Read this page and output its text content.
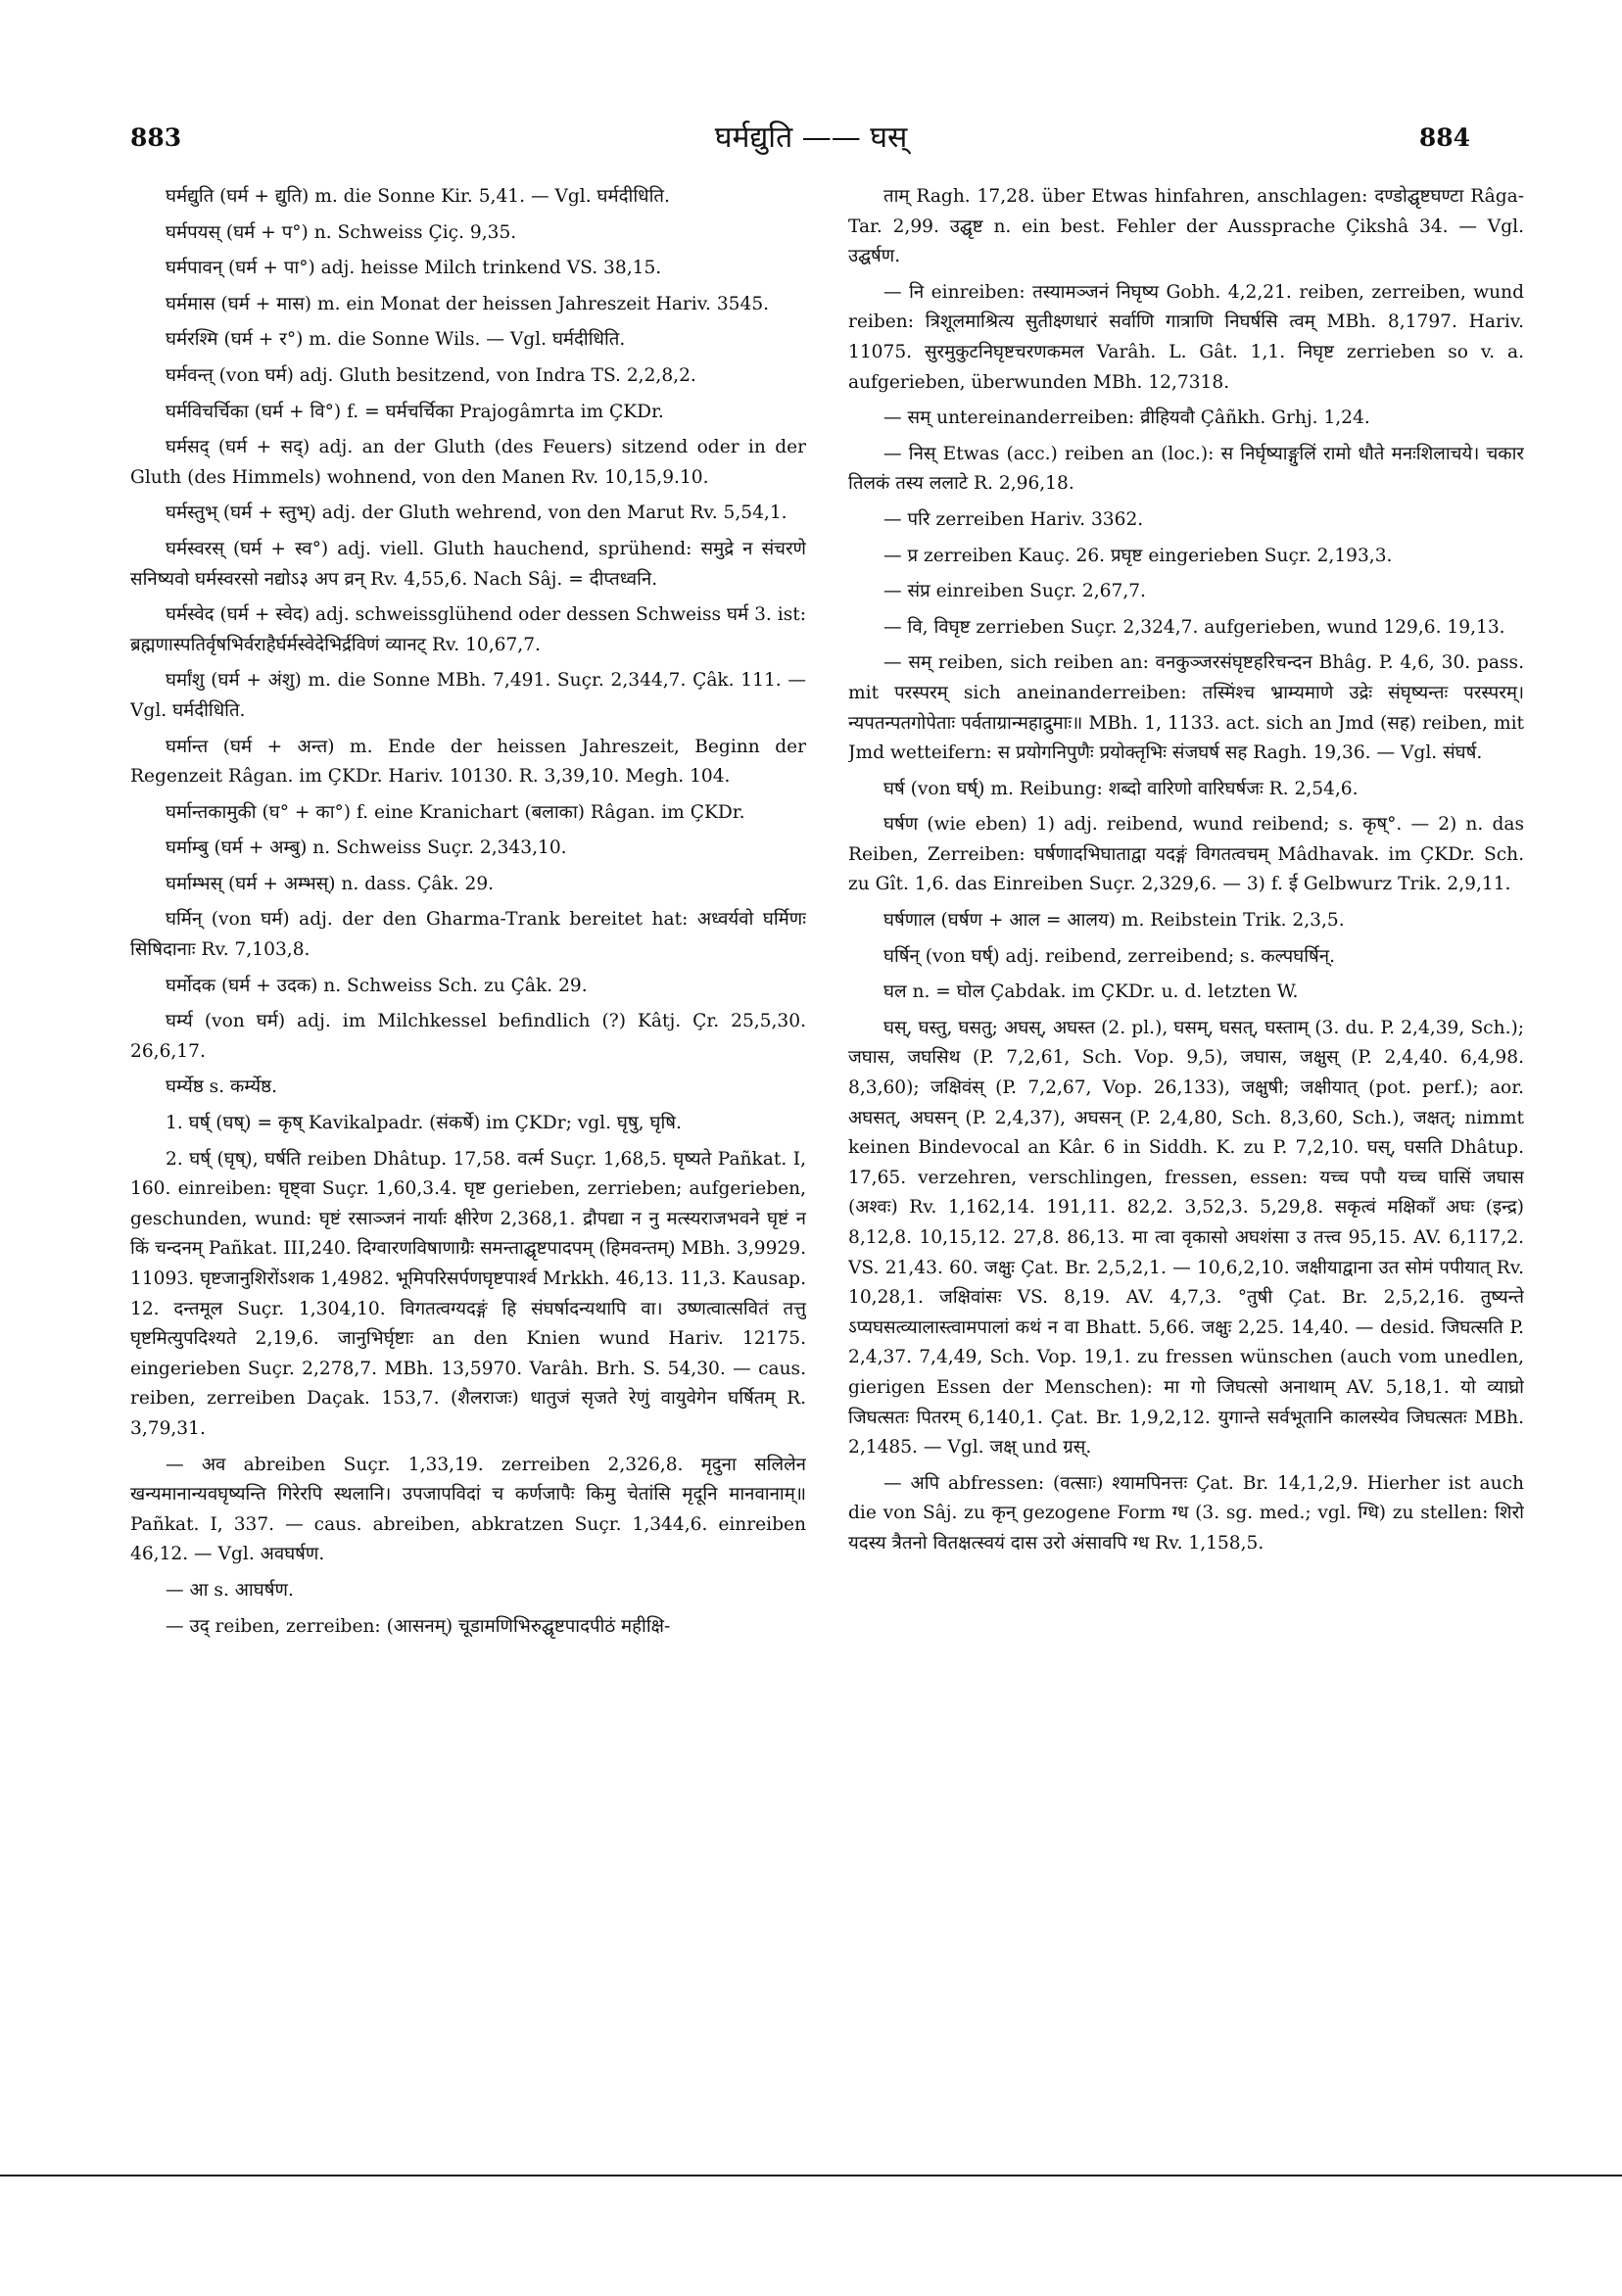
883	घर्मद्युति —— घस्	884

घर्मद्युति (घर्म + द्युति) m. die Sonne Kir. 5,41. — Vgl. घर्मदीधिति.

घर्मपयस् (घर्म + प°) n. Schweiss Çiç. 9,35.

घर्मपावन् (घर्म + पा°) adj. heisse Milch trinkend VS. 38,15.

घर्ममास (घर्म + मास) m. ein Monat der heissen Jahreszeit Hariv. 3545.

घर्मरश्मि (घर्म + र°) m. die Sonne Wils. — Vgl. घर्मदीधिति.

घर्मवन्त् (von घर्म) adj. Gluth besitzend, von Indra TS. 2,2,8,2.

घर्मविचर्चिका (घर्म + वि°) f. = घर्मचर्चिका Prajogâmrta im ÇKDr.

घर्मसद् (घर्म + सद्) adj. an der Gluth (des Feuers) sitzend oder in der Gluth (des Himmels) wohnend, von den Manen Rv. 10,15,9.10.

घर्मस्तुभ् (घर्म + स्तुभ्) adj. der Gluth wehrend, von den Marut Rv. 5,54,1.

घर्मस्वरस् (घर्म + स्व°) adj. viell. Gluth hauchend, sprühend: समुद्रे न संचरणे सनिष्यवो घर्मस्वरसो नद्योऽ३ अप व्रन् Rv. 4,55,6. Nach Sâj. = दीप्तध्वनि.

घर्मस्वेद (घर्म + स्वेद) adj. schweissglühend oder dessen Schweiss घर्म 3. ist: ब्रह्मणास्पतिर्वृषभिर्वराहैर्घर्मस्वेदेभिर्द्रविणं व्यानट् Rv. 10,67,7.

घर्मांशु (घर्म + अंशु) m. die Sonne MBh. 7,491. Suçr. 2,344,7. Çâk. 111. — Vgl. घर्मदीधिति.

घर्मान्त (घर्म + अन्त) m. Ende der heissen Jahreszeit, Beginn der Regenzeit Râgan. im ÇKDr. Hariv. 10130. R. 3,39,10. Megh. 104.

घर्मान्तकामुकी (घ° + का°) f. eine Kranichart (बलाका) Râgan. im ÇKDr.

घर्माम्बु (घर्म + अम्बु) n. Schweiss Suçr. 2,343,10.

घर्माम्भस् (घर्म + अम्भस्) n. dass. Çâk. 29.

घर्मिन् (von घर्म) adj. der den Gharma-Trank bereitet hat: अध्वर्यवो घर्मिणः सिषिदानाः Rv. 7,103,8.

घर्मोदक (घर्म + उदक) n. Schweiss Sch. zu Çâk. 29.

घर्म्य (von घर्म) adj. im Milchkessel befindlich (?) Kâtj. Çr. 25,5,30. 26,6,17.

घर्म्येष्ठ s. कर्म्येष्ठ.

1. घर्ष् (घष्) = कृष् Kavikalpadr. (संकर्षे) im ÇKDr; vgl. घृषु, घृषि.

2. घर्ष् (घृष्), घर्षति reiben Dhâtup. 17,58. वर्त्म Suçr. 1,68,5. घृष्यते Pañkat. I, 160. einreiben: घृष्ट्वा Suçr. 1,60,3.4. घृष्ट gerieben, zerrieben; aufgerieben, geschunden, wund: घृष्टं रसाञ्जनं नार्याः क्षीरेण 2,368,1. द्रौपद्या न नु मत्स्यराजभवने घृष्टं न किं चन्दनम् Pañkat. III,240. दिग्वारणविषाणाग्रैः समन्ताद्घृष्टपादपम् (हिमवन्तम्) MBh. 3,9929. 11093. घृष्टजानुशिरोंऽशक 1,4982. भूमिपरिसर्पणघृष्टपार्श्व Mrkkh. 46,13. 11,3. Kausap. 12. दन्तमूल Suçr. 1,304,10. विगतत्वग्यदङ्गं हि संघर्षादन्यथापि वा। उष्णत्वात्सवितं तत्तु घृष्टमित्युपदिश्यते 2,19,6. जानुभिर्घृष्टाः an den Knien wund Hariv. 12175. eingerieben Suçr. 2,278,7. MBh. 13,5970. Varâh. Brh. S. 54,30. — caus. reiben, zerreiben Daçak. 153,7. (शैलराजः) धातुजं सृजते रेणुं वायुवेगेन घर्षितम् R. 3,79,31.

— अव abreiben Suçr. 1,33,19. zerreiben 2,326,8. मृदुना सलिलेन खन्यमानान्यवघृष्यन्ति गिरेरपि स्थलानि। उपजापविदां च कर्णजापैः किमु चेतांसि मृदूनि मानवानाम्॥ Pañkat. I, 337. — caus. abreiben, abkratzen Suçr. 1,344,6. einreiben 46,12. — Vgl. अवघर्षण.

— आ s. आघर्षण.

— उद् reiben, zerreiben: (आसनम्) चूडामणिभिरुद्घृष्टपादपीठं महीक्षि-

ताम् Ragh. 17,28. über Etwas hinfahren, anschlagen: दण्डोद्घृष्टघण्टा Râga-Tar. 2,99. उद्घृष्ट n. ein best. Fehler der Aussprache Çikshâ 34. — Vgl. उद्घर्षण.

— नि einreiben: तस्यामञ्जनं निघृष्य Gobh. 4,2,21. reiben, zerreiben, wund reiben: त्रिशूलमाश्रित्य सुतीक्ष्णधारं सर्वाणि गात्राणि निघर्षसि त्वम् MBh. 8,1797. Hariv. 11075. सुरमुकुटनिघृष्टचरणकमल Varâh. L. Gât. 1,1. निघृष्ट zerrieben so v. a. aufgerieben, überwunden MBh. 12,7318.

— सम् untereinanderreiben: व्रीहियवौ Çâñkh. Grhj. 1,24.

— निस् Etwas (acc.) reiben an (loc.): स निर्घृष्याङ्गुलिं रामो धौते मनःशिलाचये। चकार तिलकं तस्य ललाटे R. 2,96,18.

— परि zerreiben Hariv. 3362.

— प्र zerreiben Kauç. 26. प्रघृष्ट eingerieben Suçr. 2,193,3.

— संप्र einreiben Suçr. 2,67,7.

— वि, विघृष्ट zerrieben Suçr. 2,324,7. aufgerieben, wund 129,6. 19,13.

— सम् reiben, sich reiben an: वनकुञ्जरसंघृष्टहरिचन्दन Bhâg. P. 4,6, 30. pass. mit परस्परम् sich aneinanderreiben: तस्मिंश्च भ्राम्यमाणे उद्रेः संघृष्यन्तः परस्परम्। न्यपतन्पतगोपेताः पर्वताग्रान्महाद्रुमाः॥ MBh. 1, 1133. act. sich an Jmd (सह) reiben, mit Jmd wetteifern: स प्रयोगनिपुणैः प्रयोक्तृभिः संजघर्ष सह Ragh. 19,36. — Vgl. संघर्ष.

घर्ष (von घर्ष्) m. Reibung: शब्दो वारिणो वारिघर्षजः R. 2,54,6.

घर्षण (wie eben) 1) adj. reibend, wund reibend; s. कृष्°. — 2) n. das Reiben, Zerreiben: घर्षणादभिघाताद्वा यदङ्गं विगतत्वचम् Mâdhavak. im ÇKDr. Sch. zu Gît. 1,6. das Einreiben Suçr. 2,329,6. — 3) f. ई Gelbwurz Trik. 2,9,11.

घर्षणाल (घर्षण + आल = आलय) m. Reibstein Trik. 2,3,5.

घर्षिन् (von घर्ष्) adj. reibend, zerreibend; s. कल्पघर्षिन्.

घल n. = घोल Çabdak. im ÇKDr. u. d. letzten W.

घस्, घस्तु, घसतु; अघस्, अघस्त (2. pl.), घसम्, घसत्, घस्ताम् (3. du. P. 2,4,39, Sch.); जघास, जघसिथ (P. 7,2,61, Sch. Vop. 9,5), जघास, जक्षुस् (P. 2,4,40. 6,4,98. 8,3,60); जक्षिवंस् (P. 7,2,67, Vop. 26,133), जक्षुषी; जक्षीयात् (pot. perf.); aor. अघसत्, अघसन् (P. 2,4,37), अघसन् (P. 2,4,80, Sch. 8,3,60, Sch.), जक्षत्; nimmt keinen Bindevocal an Kâr. 6 in Siddh. K. zu P. 7,2,10. घस्, घसति Dhâtup. 17,65. verzehren, verschlingen, fressen, essen: यच्च पपौ यच्च घासिं जघास (अश्वः) Rv. 1,162,14. 191,11. 82,2. 3,52,3. 5,29,8. सकृत्वं मक्षिकाँ अघः (इन्द्र) 8,12,8. 10,15,12. 27,8. 86,13. मा त्वा वृकासो अघशंसा उ तत्त्व 95,15. AV. 6,117,2. VS. 21,43. 60. जक्षुः Çat. Br. 2,5,2,1. — 10,6,2,10. जक्षीयाद्वाना उत सोमं पपीयात् Rv. 10,28,1. जक्षिवांसः VS. 8,19. AV. 4,7,3. °तुषी Çat. Br. 2,5,2,16. तुष्यन्ते ऽप्यघसत्व्यालास्त्वामपालां कथं न वा Bhatt. 5,66. जक्षुः 2,25. 14,40. — desid. जिघत्सति P. 2,4,37. 7,4,49, Sch. Vop. 19,1. zu fressen wünschen (auch vom unedlen, gierigen Essen der Menschen): मा गो जिघत्सो अनाथाम् AV. 5,18,1. यो व्याघ्रो जिघत्सतः पितरम् 6,140,1. Çat. Br. 1,9,2,12. युगान्ते सर्वभूतानि कालस्येव जिघत्सतः MBh. 2,1485. — Vgl. जक्ष् und ग्रस्.

— अपि abfressen: (वत्साः) श्यामपिनत्तः Çat. Br. 14,1,2,9. Hierher ist auch die von Sâj. zu कृन् gezogene Form ग्ध (3. sg. med.; vgl. ग्धि) zu stellen: शिरो यदस्य त्रैतनो वितक्षत्स्वयं दास उरो अंसावपि ग्ध Rv. 1,158,5.
